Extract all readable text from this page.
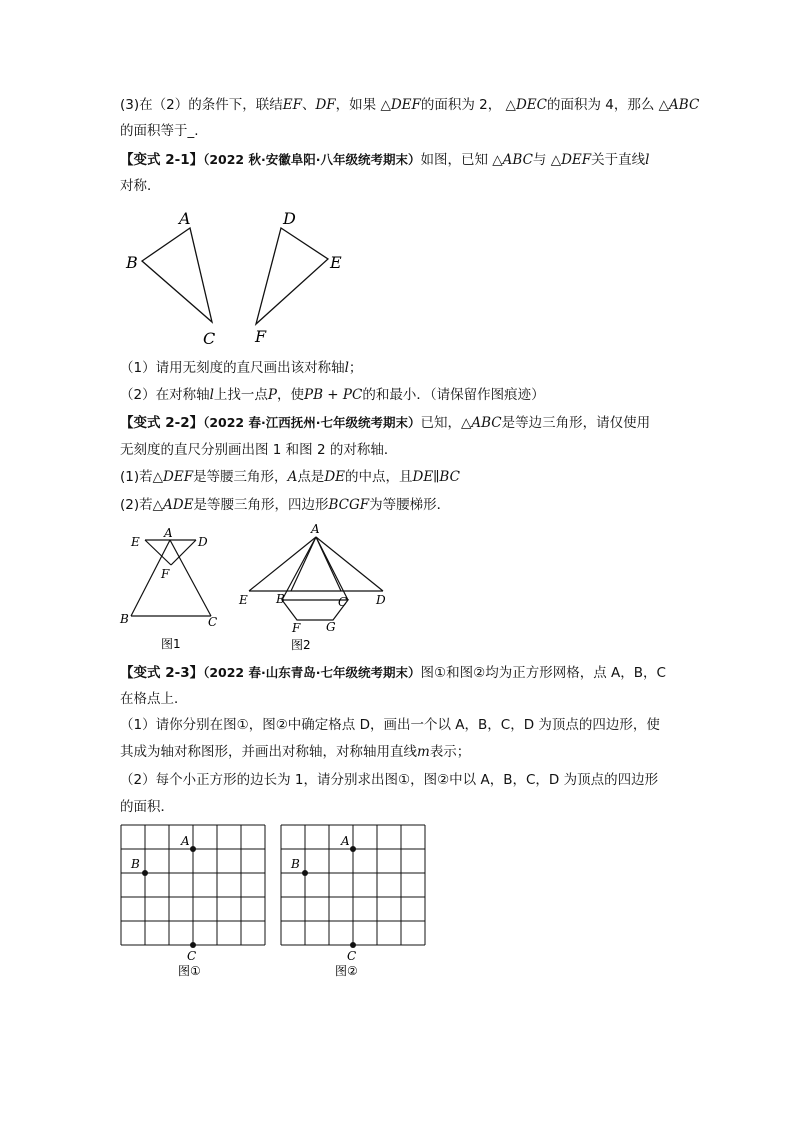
(3)在（2）的条件下，联结EF、DF，如果 △DEF的面积为 2， △DEC的面积为 4，那么 △ABC
的面积等于_.
【变式 2-1】（2022 秋·安徽阜阳·八年级统考期末）如图，已知 △ABC与 △DEF关于直线l
对称．
A
B
C
D
E
F
（1）请用无刻度的直尺画出该对称轴l；
（2）在对称轴l上找一点P，使PB + PC的和最小．（请保留作图痕迹）
【变式 2-2】（2022 春·江西抚州·七年级统考期末）已知，△ABC是等边三角形，请仅使用
无刻度的直尺分别画出图 1 和图 2 的对称轴．
(1)若△DEF是等腰三角形，A点是DE的中点，且DE∥BC
(2)若△ADE是等腰三角形，四边形BCGF为等腰梯形．
E
A
D
F
B	C
图1
A
E B	C D
F G
图2
【变式 2-3】（2022 春·山东青岛·七年级统考期末）图①和图②均为正方形网格，点 A，B，C
在格点上．
（1）请你分别在图①，图②中确定格点 D，画出一个以 A，B，C，D 为顶点的四边形，使
其成为轴对称图形，并画出对称轴，对称轴用直线m表示；
（2）每个小正方形的边长为 1，请分别求出图①，图②中以 A，B，C，D 为顶点的四边形
的面积．
A
B
C
图①
A
B
C
图②
